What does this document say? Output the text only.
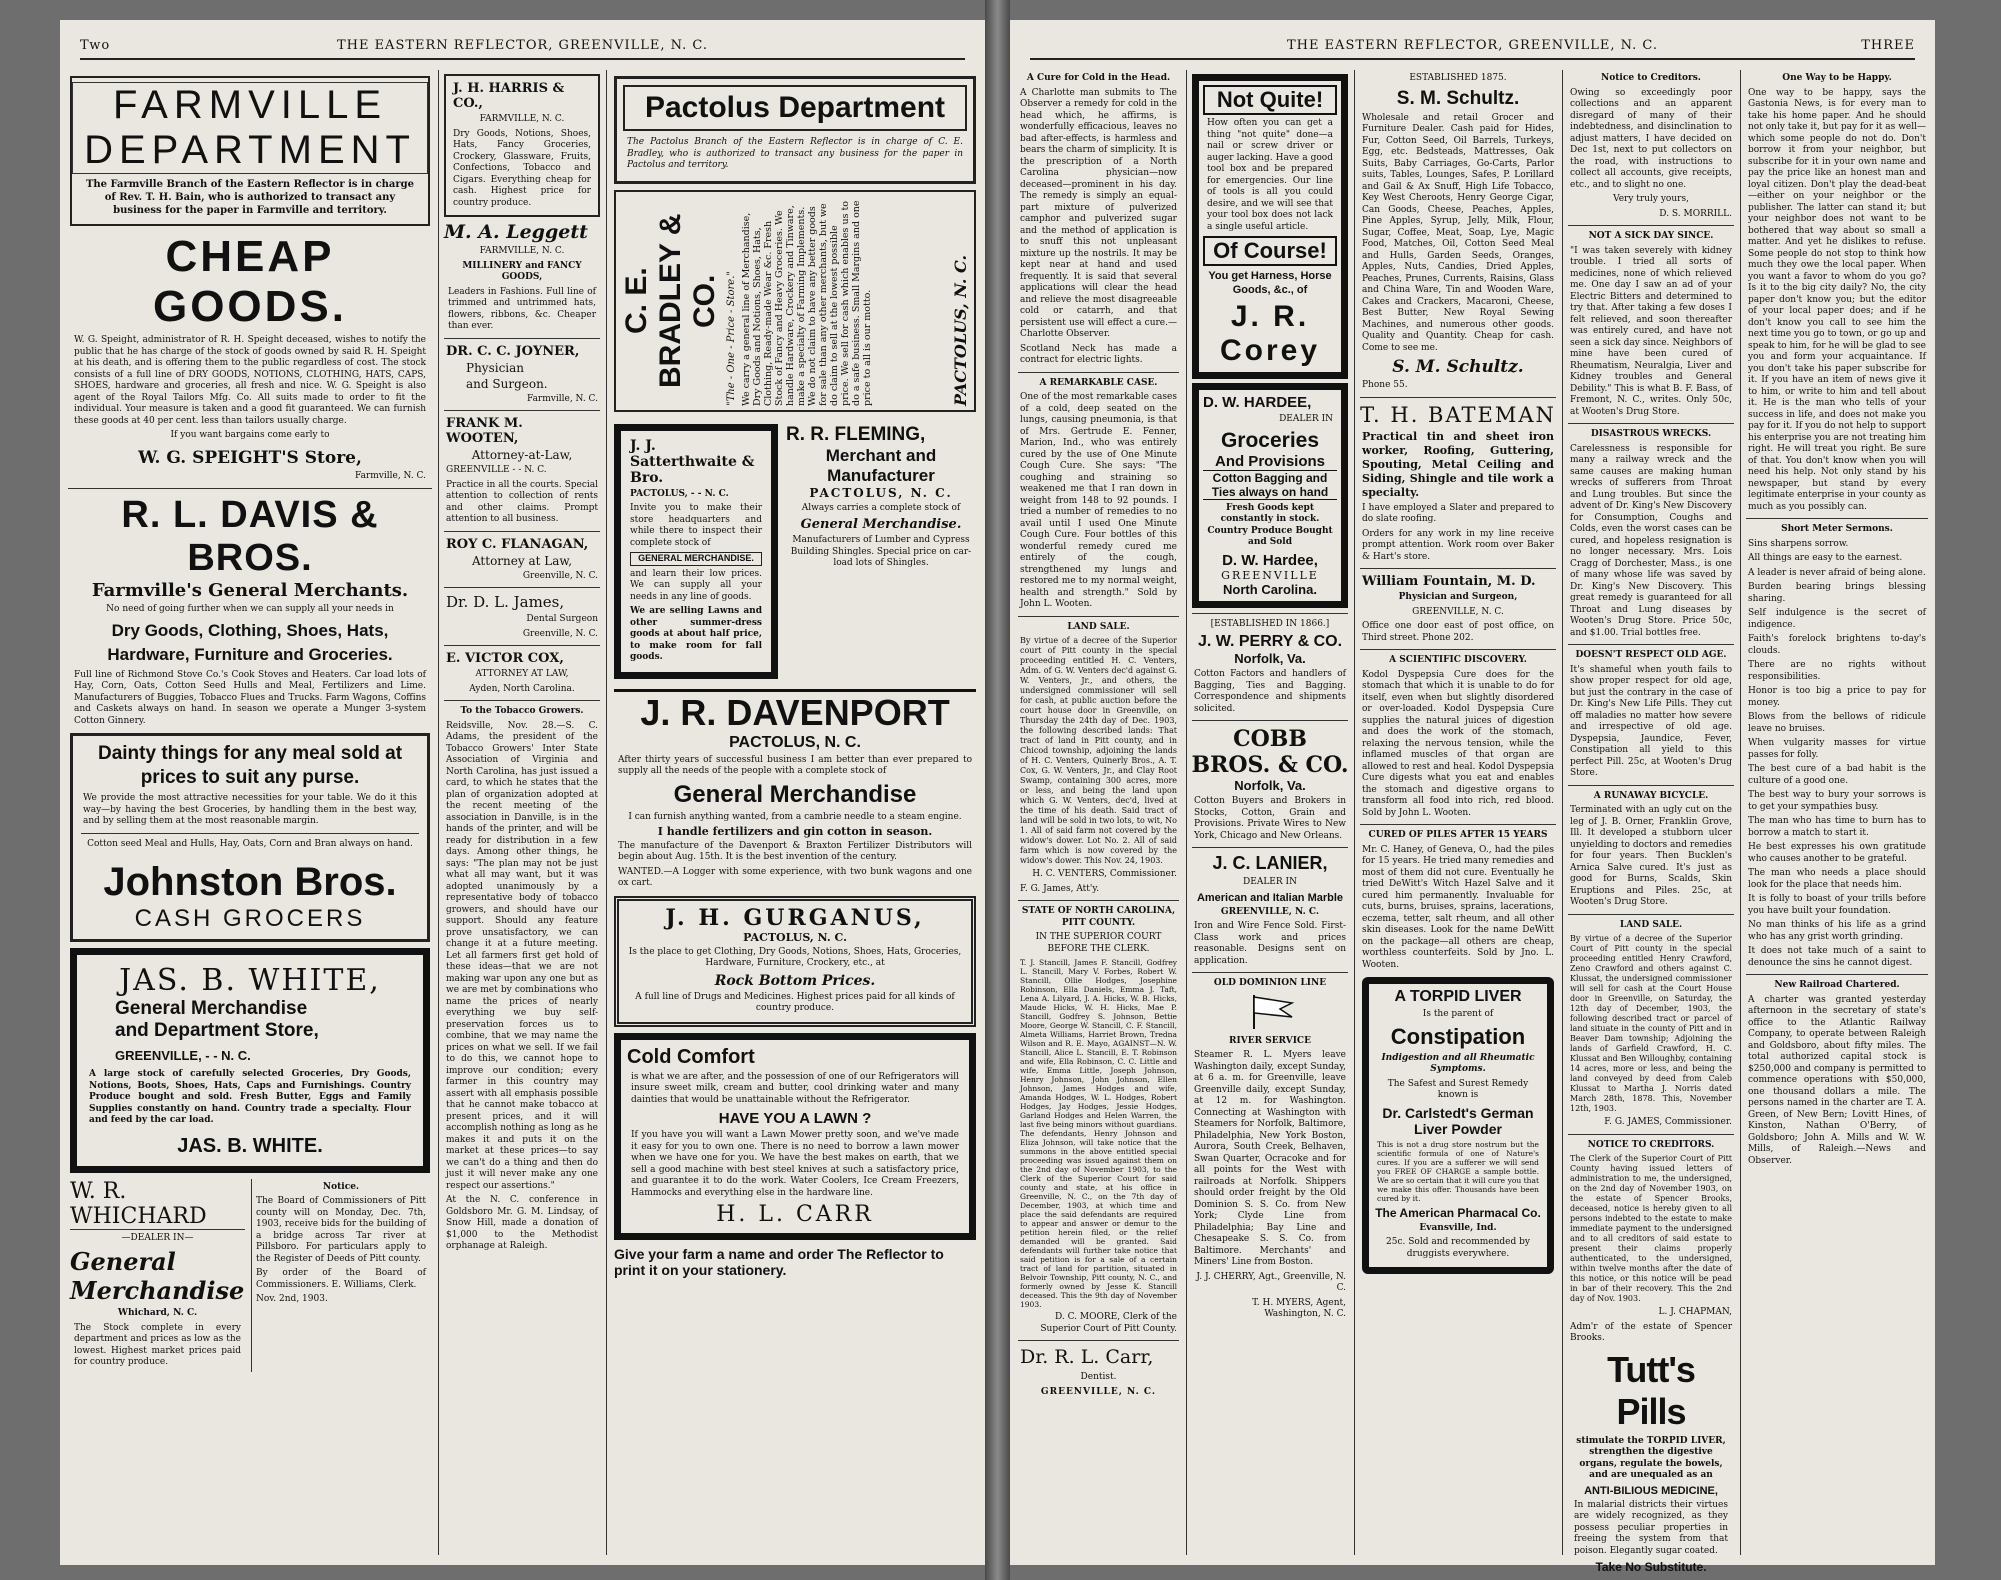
Two	THE EASTERN REFLECTOR, GREENVILLE, N. C.
FARMVILLE DEPARTMENT
The Farmville Branch of the Eastern Reflector is in charge of Rev. T. H. Bain, who is authorized to transact any business for the paper in Farmville and territory.
CHEAP GOODS.
W. G. Speight, administrator of R. H. Speight deceased, wishes to notify the public that he has charge of the stock of goods owned by said R. H. Speight at his death, and is offering them to the public regardless of cost. The stock consists of a full line of DRY GOODS, NOTIONS, CLOTHING, HATS, CAPS, SHOES, hardware and groceries, all fresh and nice. W. G. Speight is also agent of the Royal Tailors Mfg. Co. All suits made to order to fit the individual. Your measure is taken and a good fit guaranteed. We can furnish these goods at 40 per cent. less than tailors usually charge.
If you want bargains come early to
W. G. SPEIGHT'S Store,
Farmville, N. C.
R. L. DAVIS & BROS.
Farmville's General Merchants.
No need of going further when we can supply all your needs in
Dry Goods, Clothing, Shoes, Hats, Hardware, Furniture and Groceries.
Full line of Richmond Stove Co.'s Cook Stoves and Heaters. Car load lots of Hay, Corn, Oats, Cotton Seed Hulls and Meal, Fertilizers and Lime. Manufacturers of Buggies, Tobacco Flues and Trucks. Farm Wagons, Coffins and Caskets always on hand. In season we operate a Munger 3-system Cotton Ginnery.
Dainty things for any meal sold at prices to suit any purse.
We provide the most attractive necessities for your table. We do it this way—by having the best Groceries, by handling them in the best way, and by selling them at the most reasonable margin.
Cotton seed Meal and Hulls, Hay, Oats, Corn and Bran always on hand.
Johnston Bros.
CASH GROCERS
JAS. B. WHITE,
General Merchandise
and Department Store,
GREENVILLE, - - N. C.
A large stock of carefully selected Groceries, Dry Goods, Notions, Boots, Shoes, Hats, Caps and Furnishings. Country Produce bought and sold. Fresh Butter, Eggs and Family Supplies constantly on hand. Country trade a specialty. Flour and feed by the car load.
JAS. B. WHITE.
W. R. WHICHARD
—DEALER IN—
General
Merchandise
Whichard, N. C.
The Stock complete in every department and prices as low as the lowest. Highest market prices paid for country produce.
Notice.
The Board of Commissioners of Pitt county will on Monday, Dec. 7th, 1903, receive bids for the building of a bridge across Tar river at Pillsboro. For particulars apply to the Register of Deeds of Pitt county.
By order of the Board of Commissioners. E. Williams, Clerk.
Nov. 2nd, 1903.
J. H. HARRIS & CO.,
FARMVILLE, N. C.
Dry Goods, Notions, Shoes, Hats, Fancy Groceries, Crockery, Glassware, Fruits, Confections, Tobacco and Cigars. Everything cheap for cash. Highest price for country produce.
M. A. Leggett
FARMVILLE, N. C.
MILLINERY and FANCY GOODS,
Leaders in Fashions. Full line of trimmed and untrimmed hats, flowers, ribbons, &c. Cheaper than ever.
DR. C. C. JOYNER,
Physician
and Surgeon.
Farmville, N. C.
FRANK M. WOOTEN,
Attorney-at-Law,
GREENVILLE - - N. C.
Practice in all the courts. Special attention to collection of rents and other claims. Prompt attention to all business.
ROY C. FLANAGAN,
Attorney at Law,
Greenville, N. C.
Dr. D. L. James,
Dental Surgeon
Greenville, N. C.
E. VICTOR COX,
ATTORNEY AT LAW,
Ayden, North Carolina.
To the Tobacco Growers.
Reidsville, Nov. 28.—S. C. Adams, the president of the Tobacco Growers' Inter State Association of Virginia and North Carolina, has just issued a card, to which he states that the plan of organization adopted at the recent meeting of the association in Danville, is in the hands of the printer, and will be ready for distribution in a few days. Among other things, he says: "The plan may not be just what all may want, but it was adopted unanimously by a representative body of tobacco growers, and should have our support. Should any feature prove unsatisfactory, we can change it at a future meeting. Let all farmers first get hold of these ideas—that we are not making war upon any one but as we are met by combinations who name the prices of nearly everything we buy self-preservation forces us to combine, that we may name the prices on what we sell. If we fail to do this, we cannot hope to improve our condition; every farmer in this country may assert with all emphasis possible that he cannot make tobacco at present prices, and it will accomplish nothing as long as he makes it and puts it on the market at these prices—to say we can't do a thing and then do just it will never make any one respect our assertions."
At the N. C. conference in Goldsboro Mr. G. M. Lindsay, of Snow Hill, made a donation of $1,000 to the Methodist orphanage at Raleigh.
Pactolus Department
The Pactolus Branch of the Eastern Reflector is in charge of C. E. Bradley, who is authorized to transact any business for the paper in Pactolus and territory.
C. E. BRADLEY & CO. "The - One - Price - Store." We carry a general line of Merchandise, Dry Goods and Notions, Shoes, Hats, Clothing, Ready-made Wear &c. Fresh Stock of Fancy and Heavy Groceries. We handle Hardware, Crockery and Tinware, make a specialty of Farming Implements. We do not claim to have any better goods for sale than any other merchants, but we do claim to sell at the lowest possible price. We sell for cash which enables us to do a safe business. Small Margins and one price to all is our motto.	PACTOLUS, N. C.
J. J. Satterthwaite & Bro.
PACTOLUS, - - N. C.
Invite you to make their store headquarters and while there to inspect their complete stock of
GENERAL MERCHANDISE.
and learn their low prices. We can supply all your needs in any line of goods.
We are selling Lawns and other summer-dress goods at about half price, to make room for fall goods.
R. R. FLEMING,
Merchant and
Manufacturer
PACTOLUS, N. C.
Always carries a complete stock of
General Merchandise.
Manufacturers of Lumber and Cypress Building Shingles. Special price on car-load lots of Shingles.
J. R. DAVENPORT
PACTOLUS, N. C.
After thirty years of successful business I am better than ever prepared to supply all the needs of the people with a complete stock of
General Merchandise
I can furnish anything wanted, from a cambrie needle to a steam engine.
I handle fertilizers and gin cotton in season.
The manufacture of the Davenport & Braxton Fertilizer Distributors will begin about Aug. 15th. It is the best invention of the century.
WANTED.—A Logger with some experience, with two bunk wagons and one ox cart.
J. H. GURGANUS,
PACTOLUS, N. C.
Is the place to get Clothing, Dry Goods, Notions, Shoes, Hats, Groceries, Hardware, Furniture, Crockery, etc., at
Rock Bottom Prices.
A full line of Drugs and Medicines. Highest prices paid for all kinds of country produce.
Cold Comfort
is what we are after, and the possession of one of our Refrigerators will insure sweet milk, cream and butter, cool drinking water and many dainties that would be unattainable without the Refrigerator.
HAVE YOU A LAWN ?
If you have you will want a Lawn Mower pretty soon, and we've made it easy for you to own one. There is no need to borrow a lawn mower when we have one for you. We have the best makes on earth, that we sell a good machine with best steel knives at such a satisfactory price, and guarantee it to do the work. Water Coolers, Ice Cream Freezers, Hammocks and everything else in the hardware line.
H. L. CARR
Give your farm a name and order The Reflector to print it on your stationery.
THE EASTERN REFLECTOR, GREENVILLE, N. C.	THREE
A Cure for Cold in the Head.
A Charlotte man submits to The Observer a remedy for cold in the head which, he affirms, is wonderfully efficacious, leaves no bad after-effects, is harmless and bears the charm of simplicity. It is the prescription of a North Carolina physician—now deceased—prominent in his day. The remedy is simply an equal-part mixture of pulverized camphor and pulverized sugar and the method of application is to snuff this not unpleasant mixture up the nostrils. It may be kept near at hand and used frequently. It is said that several applications will clear the head and relieve the most disagreeable cold or catarrh, and that persistent use will effect a cure.—Charlotte Observer.
Scotland Neck has made a contract for electric lights.
A REMARKABLE CASE.
One of the most remarkable cases of a cold, deep seated on the lungs, causing pneumonia, is that of Mrs. Gertrude E. Fenner, Marion, Ind., who was entirely cured by the use of One Minute Cough Cure. She says: "The coughing and straining so weakened me that I ran down in weight from 148 to 92 pounds. I tried a number of remedies to no avail until I used One Minute Cough Cure. Four bottles of this wonderful remedy cured me entirely of the cough, strengthened my lungs and restored me to my normal weight, health and strength." Sold by John L. Wooten.
LAND SALE.
By virtue of a decree of the Superior court of Pitt county in the special proceeding entitled H. C. Venters, Adm. of G. W. Venters dec'd against G. W. Venters, Jr., and others, the undersigned commissioner will sell for cash, at public auction before the court house door in Greenville, on Thursday the 24th day of Dec. 1903, the following described lands: That tract of land in Pitt county, and in Chicod township, adjoining the lands of H. C. Venters, Quinerly Bros., A. T. Cox, G. W. Venters, Jr., and Clay Root Swamp, containing 300 acres, more or less, and being the land upon which G. W. Venters, dec'd, lived at the time of his death. Said tract of land will be sold in two lots, to wit, No 1. All of said farm not covered by the widow's dower. Lot No. 2. All of said farm which is now covered by the widow's dower. This Nov. 24, 1903.
H. C. VENTERS, Commissioner.
F. G. James, Att'y.
STATE OF NORTH CAROLINA, PITT COUNTY.
IN THE SUPERIOR COURT BEFORE THE CLERK.
T. J. Stancill, James F. Stancill, Godfrey L. Stancill, Mary V. Forbes, Robert W. Stancill, Ollie Hodges, Josephine Robinson, Ella Daniels, Emma J. Taft, Lena A. Lilyard, J. A. Hicks, W. B. Hicks, Maude Hicks, W. H. Hicks, Mae P. Stancill, Godfrey S. Johnson, Bettie Moore, George W. Stancill, C. F. Stancill, Almeta Williams, Harriet Brown, Tredna Wilson and R. E. Mayo, AGAINST—N. W. Stancill, Alice L. Stancill, E. T. Robinson and wife, Ella Robinson, C. C. Little and wife, Emma Little, Joseph Johnson, Henry Johnson, John Johnson, Ellen Johnson, James Hodges and wife, Amanda Hodges, W. L. Hodges, Robert Hodges, Jay Hodges, Jessie Hodges, Garland Hodges and Helen Warren, the last five being minors without guardians. The defendants, Henry Johnson and Eliza Johnson, will take notice that the summons in the above entitled special proceeding was issued against them on the 2nd day of November 1903, to the Clerk of the Superior Court for said county and state, at his office in Greenville, N. C., on the 7th day of December, 1903, at which time and place the said defendants are required to appear and answer or demur to the petition herein filed, or the relief demanded will be granted. Said defendants will further take notice that said petition is for a sale of a certain tract of land for partition, situated in Belvoir Township, Pitt county, N. C., and formerly owned by Jesse K. Stancill deceased. This the 9th day of November 1903.
D. C. MOORE, Clerk of the Superior Court of Pitt County.
Dr. R. L. Carr,
Dentist.
GREENVILLE, N. C.
Not Quite!
How often you can get a thing "not quite" done—a nail or screw driver or auger lacking. Have a good tool box and be prepared for emergencies. Our line of tools is all you could desire, and we will see that your tool box does not lack a single useful article.
Of Course!
You get Harness, Horse Goods, &c., of
J. R. Corey
D. W. HARDEE,
DEALER IN
Groceries
And Provisions
Cotton Bagging and Ties always on hand
Fresh Goods kept constantly in stock. Country Produce Bought and Sold
D. W. Hardee,
GREENVILLE
North Carolina.
[ESTABLISHED IN 1866.]
J. W. PERRY & CO.
Norfolk, Va.
Cotton Factors and handlers of Bagging, Ties and Bagging. Correspondence and shipments solicited.
COBB BROS. & CO.
Norfolk, Va.
Cotton Buyers and Brokers in Stocks, Cotton, Grain and Provisions. Private Wires to New York, Chicago and New Orleans.
J. C. LANIER,
DEALER IN
American and Italian Marble
GREENVILLE, N. C.
Iron and Wire Fence Sold. First-Class work and prices reasonable. Designs sent on application.
OLD DOMINION LINE
RIVER SERVICE
Steamer R. L. Myers leave Washington daily, except Sunday, at 6 a. m. for Greenville, leave Greenville daily, except Sunday, at 12 m. for Washington. Connecting at Washington with Steamers for Norfolk, Baltimore, Philadelphia, New York Boston, Aurora, South Creek, Belhaven, Swan Quarter, Ocracoke and for all points for the West with railroads at Norfolk. Shippers should order freight by the Old Dominion S. S. Co. from New York; Clyde Line from Philadelphia; Bay Line and Chesapeake S. S. Co. from Baltimore. Merchants' and Miners' Line from Boston.
J. J. CHERRY, Agt., Greenville, N. C.
T. H. MYERS, Agent, Washington, N. C.
ESTABLISHED 1875.
S. M. Schultz.
Wholesale and retail Grocer and Furniture Dealer. Cash paid for Hides, Fur, Cotton Seed, Oil Barrels, Turkeys, Egg, etc. Bedsteads, Mattresses, Oak Suits, Baby Carriages, Go-Carts, Parlor suits, Tables, Lounges, Safes, P. Lorillard and Gail & Ax Snuff, High Life Tobacco, Key West Cheroots, Henry George Cigar, Can Goods, Cheese, Peaches, Apples, Pine Apples, Syrup, Jelly, Milk, Flour, Sugar, Coffee, Meat, Soap, Lye, Magic Food, Matches, Oil, Cotton Seed Meal and Hulls, Garden Seeds, Oranges, Apples, Nuts, Candies, Dried Apples, Peaches, Prunes, Currents, Raisins, Glass and China Ware, Tin and Wooden Ware, Cakes and Crackers, Macaroni, Cheese, Best Butter, New Royal Sewing Machines, and numerous other goods. Quality and Quantity. Cheap for cash. Come to see me.
S. M. Schultz.
Phone 55.
T. H. BATEMAN
Practical tin and sheet iron worker, Roofing, Guttering, Spouting, Metal Ceiling and Siding, Shingle and tile work a specialty.
I have employed a Slater and prepared to do slate roofing.
Orders for any work in my line receive prompt attention. Work room over Baker & Hart's store.
William Fountain, M. D.
Physician and Surgeon,
GREENVILLE, N. C.
Office one door east of post office, on Third street. Phone 202.
A SCIENTIFIC DISCOVERY.
Kodol Dyspepsia Cure does for the stomach that which it is unable to do for itself, even when but slightly disordered or over-loaded. Kodol Dyspepsia Cure supplies the natural juices of digestion and does the work of the stomach, relaxing the nervous tension, while the inflamed muscles of that organ are allowed to rest and heal. Kodol Dyspepsia Cure digests what you eat and enables the stomach and digestive organs to transform all food into rich, red blood. Sold by John L. Wooten.
CURED OF PILES AFTER 15 YEARS
Mr. C. Haney, of Geneva, O., had the piles for 15 years. He tried many remedies and most of them did not cure. Eventually he tried DeWitt's Witch Hazel Salve and it cured him permanently. Invaluable for cuts, burns, bruises, sprains, lacerations, eczema, tetter, salt rheum, and all other skin diseases. Look for the name DeWitt on the package—all others are cheap, worthless counterfeits. Sold by Jno. L. Wooten.
A TORPID LIVER
Is the parent of
Constipation
Indigestion and all Rheumatic Symptoms.
The Safest and Surest Remedy known is
Dr. Carlstedt's German Liver Powder
This is not a drug store nostrum but the scientific formula of one of Nature's cures. If you are a sufferer we will send you FREE OF CHARGE a sample bottle. We are so certain that it will cure you that we make this offer. Thousands have been cured by it.
The American Pharmacal Co.
Evansville, Ind.
25c. Sold and recommended by druggists everywhere.
Notice to Creditors.
Owing so exceedingly poor collections and an apparent disregard of many of their indebtedness, and disinclination to adjust matters, I have decided on Dec 1st, next to put collectors on the road, with instructions to collect all accounts, give receipts, etc., and to slight no one.
Very truly yours,
D. S. MORRILL.
NOT A SICK DAY SINCE.
"I was taken severely with kidney trouble. I tried all sorts of medicines, none of which relieved me. One day I saw an ad of your Electric Bitters and determined to try that. After taking a few doses I felt relieved, and soon thereafter was entirely cured, and have not seen a sick day since. Neighbors of mine have been cured of Rheumatism, Neuralgia, Liver and Kidney troubles and General Debility." This is what B. F. Bass, of Fremont, N. C., writes. Only 50c, at Wooten's Drug Store.
DISASTROUS WRECKS.
Carelessness is responsible for many a railway wreck and the same causes are making human wrecks of sufferers from Throat and Lung troubles. But since the advent of Dr. King's New Discovery for Consumption, Coughs and Colds, even the worst cases can be cured, and hopeless resignation is no longer necessary. Mrs. Lois Cragg of Dorchester, Mass., is one of many whose life was saved by Dr. King's New Discovery. This great remedy is guaranteed for all Throat and Lung diseases by Wooten's Drug Store. Price 50c, and $1.00. Trial bottles free.
DOESN'T RESPECT OLD AGE.
It's shameful when youth fails to show proper respect for old age, but just the contrary in the case of Dr. King's New Life Pills. They cut off maladies no matter how severe and irrespective of old age. Dyspepsia, Jaundice, Fever, Constipation all yield to this perfect Pill. 25c, at Wooten's Drug Store.
A RUNAWAY BICYCLE.
Terminated with an ugly cut on the leg of J. B. Orner, Franklin Grove, Ill. It developed a stubborn ulcer unyielding to doctors and remedies for four years. Then Bucklen's Arnica Salve cured. It's just as good for Burns, Scalds, Skin Eruptions and Piles. 25c, at Wooten's Drug Store.
LAND SALE.
By virtue of a decree of the Superior Court of Pitt county in the special proceeding entitled Henry Crawford, Zeno Crawford and others against C. Klussat, the undersigned commissioner will sell for cash at the Court House door in Greenville, on Saturday, the 12th day of December, 1903, the following described tract or parcel of land situate in the county of Pitt and in Beaver Dam township; Adjoining the lands of Garfield Crawford, H. C. Klussat and Ben Willoughby, containing 14 acres, more or less, and being the land conveyed by deed from Caleb Klussat to Martha J. Norris dated March 28th, 1878. This, November 12th, 1903.
F. G. JAMES, Commissioner.
NOTICE TO CREDITORS.
The Clerk of the Superior Court of Pitt County having issued letters of administration to me, the undersigned, on the 2nd day of November 1903, on the estate of Spencer Brooks, deceased, notice is hereby given to all persons indebted to the estate to make immediate payment to the undersigned and to all creditors of said estate to present their claims properly authenticated, to the undersigned, within twelve months after the date of this notice, or this notice will be pead in bar of their recovery. This the 2nd day of Nov. 1903.
L. J. CHAPMAN,
Adm'r of the estate of Spencer Brooks.
Tutt's Pills
stimulate the TORPID LIVER, strengthen the digestive organs, regulate the bowels, and are unequaled as an
ANTI-BILIOUS MEDICINE,
In malarial districts their virtues are widely recognized, as they possess peculiar properties in freeing the system from that poison. Elegantly sugar coated.
Take No Substitute.
One Way to be Happy.
One way to be happy, says the Gastonia News, is for every man to take his home paper. And he should not only take it, but pay for it as well—which some people do not do. Don't borrow it from your neighbor, but subscribe for it in your own name and pay the price like an honest man and loyal citizen. Don't play the dead-beat—either on your neighbor or the publisher. The latter can stand it; but your neighbor does not want to be bothered that way about so small a matter. And yet he dislikes to refuse. Some people do not stop to think how much they owe the local paper. When you want a favor to whom do you go? Is it to the big city daily? No, the city paper don't know you; but the editor of your local paper does; and if he don't know you call to see him the next time you go to town, or go up and speak to him, for he will be glad to see you and form your acquaintance. If you don't take his paper subscribe for it. If you have an item of news give it to him, or write to him and tell about it. He is the man who tells of your success in life, and does not make you pay for it. If you do not help to support his enterprise you are not treating him right. He will treat you right. Be sure of that. You don't know when you will need his help. Not only stand by his newspaper, but stand by every legitimate enterprise in your county as much as you possibly can.
Short Meter Sermons.
Sins sharpens sorrow.
All things are easy to the earnest.
A leader is never afraid of being alone.
Burden bearing brings blessing sharing.
Self indulgence is the secret of indigence.
Faith's forelock brightens to-day's clouds.
There are no rights without responsibilities.
Honor is too big a price to pay for money.
Blows from the bellows of ridicule leave no bruises.
When vulgarity masses for virtue passes for folly.
The best cure of a bad habit is the culture of a good one.
The best way to bury your sorrows is to get your sympathies busy.
The man who has time to burn has to borrow a match to start it.
He best expresses his own gratitude who causes another to be grateful.
The man who needs a place should look for the place that needs him.
It is folly to boast of your trills before you have built your foundation.
No man thinks of his life as a grind who has any grist worth grinding.
It does not take much of a saint to denounce the sins he cannot digest.
New Railroad Chartered.
A charter was granted yesterday afternoon in the secretary of state's office to the Atlantic Railway Company, to operate between Raleigh and Goldsboro, about fifty miles. The total authorized capital stock is $250,000 and company is permitted to commence operations with $50,000, one thousand dollars a mile. The persons named in the charter are T. A. Green, of New Bern; Lovitt Hines, of Kinston, Nathan O'Berry, of Goldsboro; John A. Mills and W. W. Mills, of Raleigh.—News and Observer.
